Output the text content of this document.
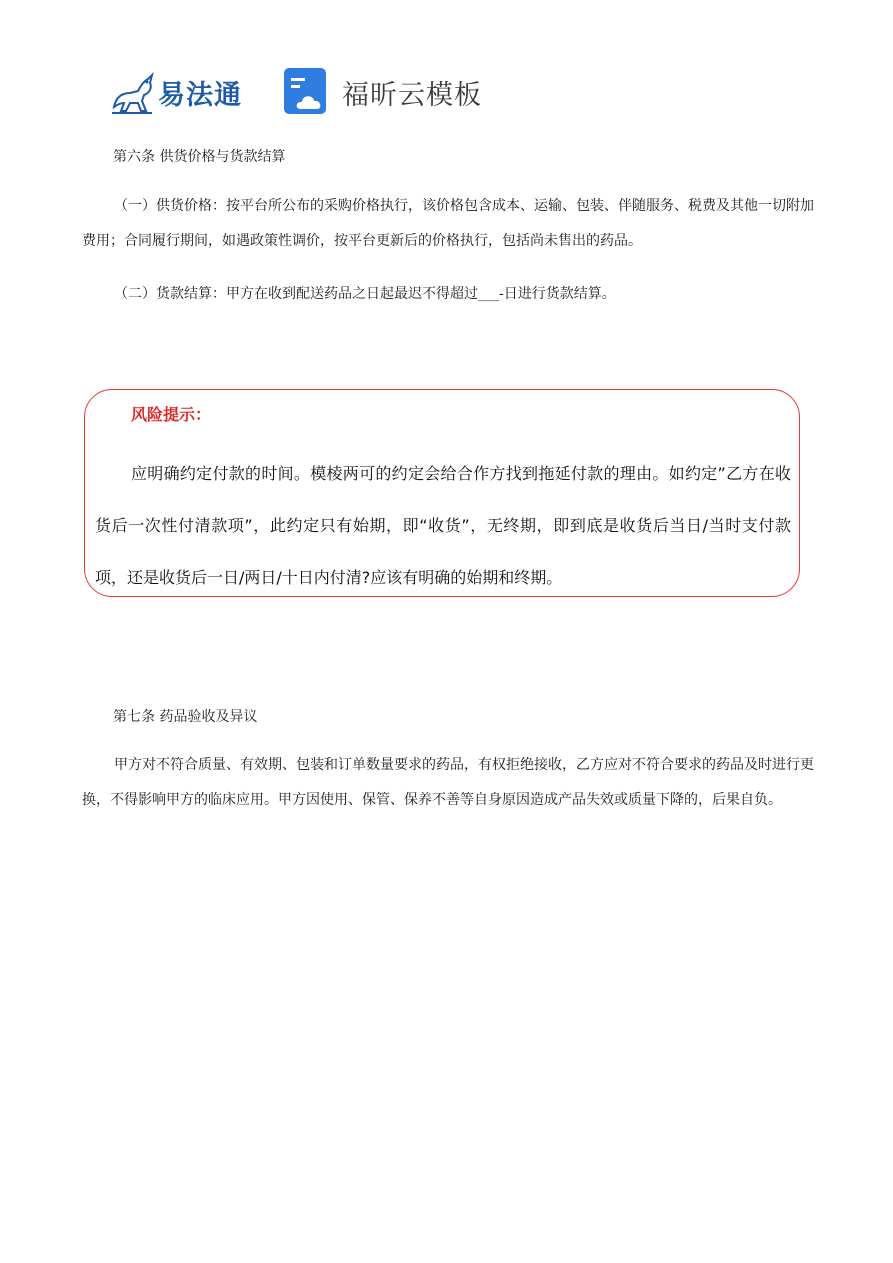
易法通	福昕云模板
第六条 供货价格与货款结算
（一）供货价格：按平台所公布的采购价格执行，该价格包含成本、运输、包装、伴随服务、税费及其他一切附加费用；合同履行期间，如遇政策性调价，按平台更新后的价格执行，包括尚未售出的药品。
（二）货款结算：甲方在收到配送药品之日起最迟不得超过___-日进行货款结算。
风险提示：
应明确约定付款的时间。模棱两可的约定会给合作方找到拖延付款的理由。如约定”乙方在收货后一次性付清款项”，此约定只有始期，即“收货”，无终期，即到底是收货后当日/当时支付款项，还是收货后一日/两日/十日内付清?应该有明确的始期和终期。
第七条 药品验收及异议
甲方对不符合质量、有效期、包装和订单数量要求的药品，有权拒绝接收，乙方应对不符合要求的药品及时进行更换，不得影响甲方的临床应用。甲方因使用、保管、保养不善等自身原因造成产品失效或质量下降的，后果自负。
